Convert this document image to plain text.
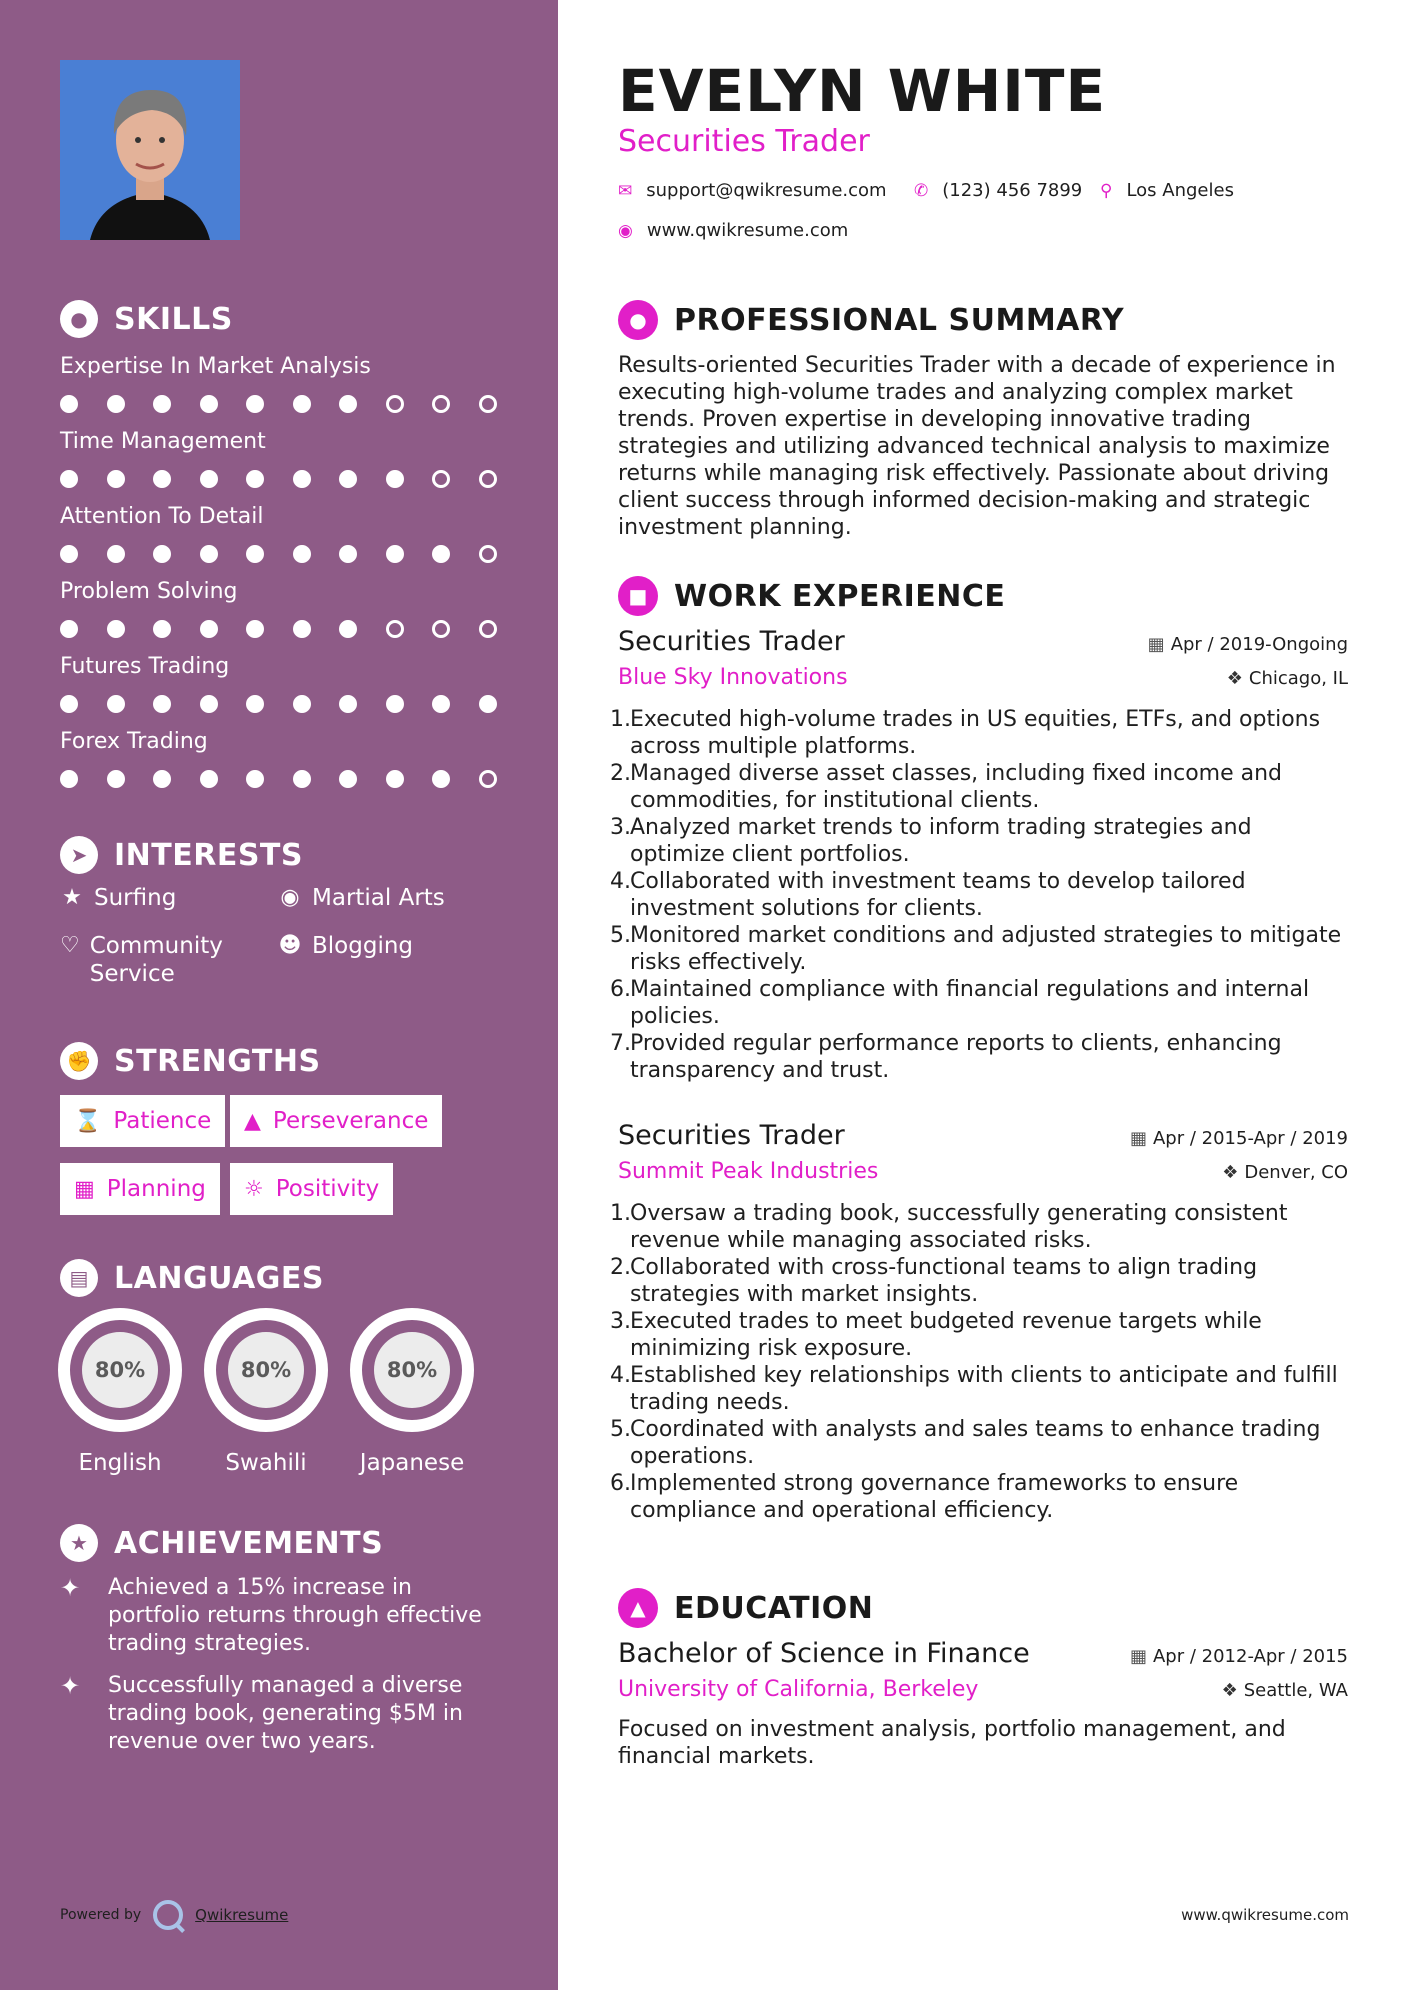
● SKILLS
Expertise In Market Analysis
Time Management
Attention To Detail
Problem Solving
Futures Trading
Forex Trading
➤ INTERESTS
★ Surfing	◉ Martial Arts
♡ Community Service
☻ Blogging
✊ STRENGTHS
⌛ Patience ▲ Perseverance
▦ Planning ☼ Positivity
▤ LANGUAGES
80%
English
80%
Swahili
80%
Japanese
★ ACHIEVEMENTS
✦	Achieved a 15% increase in portfolio returns through effective trading strategies.
✦	Successfully managed a diverse trading book, generating $5M in revenue over two years.
Powered by	Qwikresume
EVELYN WHITE
Securities Trader
✉ support@qwikresume.com ✆ (123) 456 7899 ⚲ Los Angeles
◉ www.qwikresume.com
● PROFESSIONAL SUMMARY

Results-oriented Securities Trader with a decade of experience in executing high-volume trades and analyzing complex market trends. Proven expertise in developing innovative trading strategies and utilizing advanced technical analysis to maximize returns while managing risk effectively. Passionate about driving client success through informed decision-making and strategic investment planning.

■ WORK EXPERIENCE
Securities Trader	▦ Apr / 2019-Ongoing
Blue Sky Innovations	❖ Chicago, IL
1. Executed high-volume trades in US equities, ETFs, and options across multiple platforms.
2. Managed diverse asset classes, including fixed income and commodities, for institutional clients.
3. Analyzed market trends to inform trading strategies and optimize client portfolios.
4. Collaborated with investment teams to develop tailored investment solutions for clients.
5. Monitored market conditions and adjusted strategies to mitigate risks effectively.
6. Maintained compliance with financial regulations and internal policies.
7. Provided regular performance reports to clients, enhancing transparency and trust.
Securities Trader	▦ Apr / 2015-Apr / 2019
Summit Peak Industries	❖ Denver, CO
1. Oversaw a trading book, successfully generating consistent revenue while managing associated risks.
2. Collaborated with cross-functional teams to align trading strategies with market insights.
3. Executed trades to meet budgeted revenue targets while minimizing risk exposure.
4. Established key relationships with clients to anticipate and fulfill trading needs.
5. Coordinated with analysts and sales teams to enhance trading operations.
6. Implemented strong governance frameworks to ensure compliance and operational efficiency.
▲ EDUCATION
Bachelor of Science in Finance	▦ Apr / 2012-Apr / 2015
University of California, Berkeley	❖ Seattle, WA

Focused on investment analysis, portfolio management, and financial markets.

www.qwikresume.com
